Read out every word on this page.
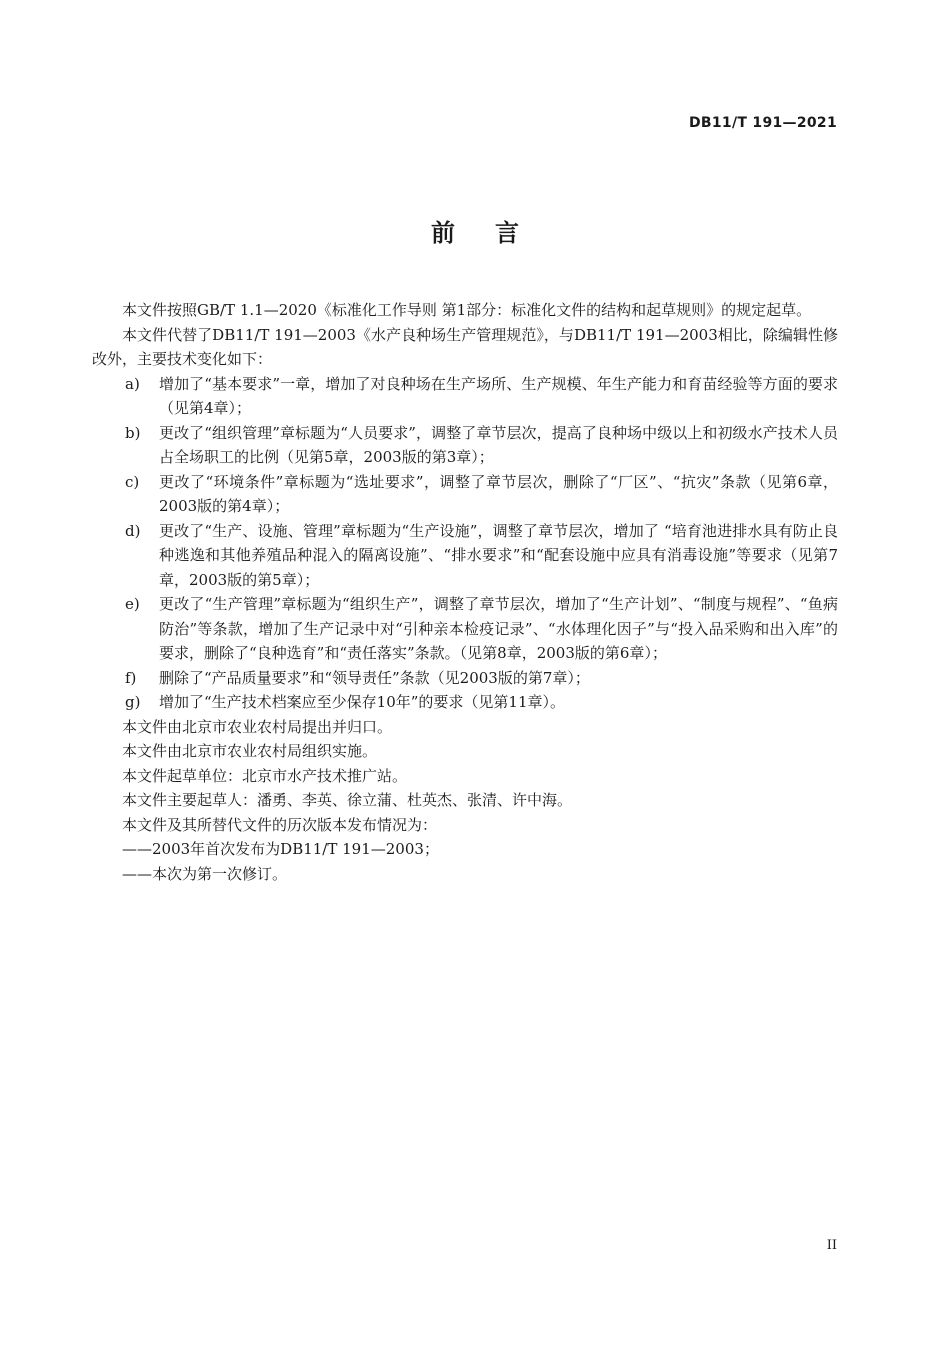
DB11/T 191—2021
前言

本文件按照GB/T 1.1—2020《标准化工作导则 第1部分：标准化文件的结构和起草规则》的规定起草。

本文件代替了DB11/T 191—2003《水产良种场生产管理规范》，与DB11/T 191—2003相比，除编辑性修改外，主要技术变化如下：

a) 增加了“基本要求”一章，增加了对良种场在生产场所、生产规模、年生产能力和育苗经验等方面的要求（见第4章）；
b) 更改了“组织管理”章标题为“人员要求”，调整了章节层次，提高了良种场中级以上和初级水产技术人员占全场职工的比例（见第5章，2003版的第3章）；
c) 更改了“环境条件”章标题为“选址要求”，调整了章节层次，删除了“厂区”、“抗灾”条款（见第6章，2003版的第4章）；
d) 更改了“生产、设施、管理”章标题为“生产设施”，调整了章节层次，增加了 “培育池进排水具有防止良种逃逸和其他养殖品种混入的隔离设施”、“排水要求”和“配套设施中应具有消毒设施”等要求（见第7章，2003版的第5章）；
e) 更改了“生产管理”章标题为“组织生产”，调整了章节层次，增加了“生产计划”、“制度与规程”、“鱼病防治”等条款，增加了生产记录中对“引种亲本检疫记录”、“水体理化因子”与“投入品采购和出入库”的要求，删除了“良种选育”和“责任落实”条款。（见第8章，2003版的第6章）；
f) 删除了“产品质量要求”和“领导责任”条款（见2003版的第7章）；
g) 增加了“生产技术档案应至少保存10年”的要求（见第11章）。

本文件由北京市农业农村局提出并归口。

本文件由北京市农业农村局组织实施。

本文件起草单位：北京市水产技术推广站。

本文件主要起草人：潘勇、李英、徐立蒲、杜英杰、张清、许中海。

本文件及其所替代文件的历次版本发布情况为：

——2003年首次发布为DB11/T 191—2003；

——本次为第一次修订。

II
